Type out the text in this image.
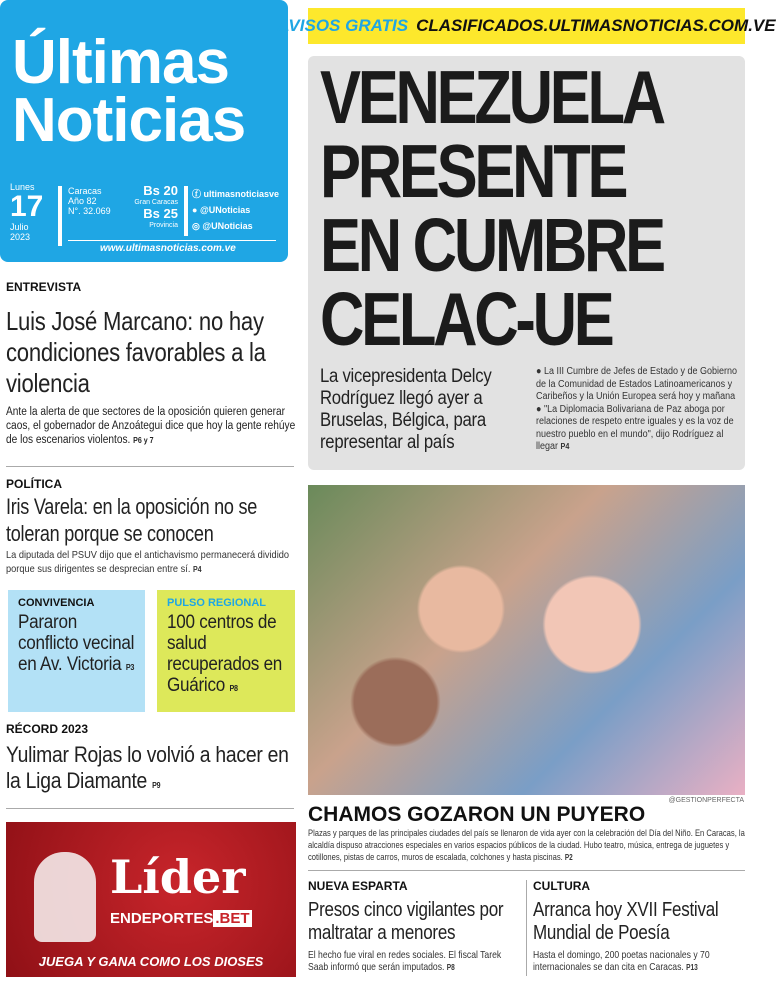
Últimas
Noticias
Lunes
17
Julio
2023
Caracas
Año 82
N°. 32.069
Bs 20
Gran Caracas
Bs 25
Provincia
ⓕ ultimasnoticiasve
● @UNoticias
◎ @UNoticias
www.ultimasnoticias.com.ve
AVISOS GRATIS CLASIFICADOS.ULTIMASNOTICIAS.COM.VE
VENEZUELA
PRESENTE
EN CUMBRE
CELAC-UE
La vicepresidenta Delcy Rodríguez llegó ayer a Bruselas, Bélgica, para representar al país
● La III Cumbre de Jefes de Estado y de Gobierno de la Comunidad de Estados Latinoamericanos y Caribeños y la Unión Europea será hoy y mañana ● "La Diplomacia Bolivariana de Paz aboga por relaciones de respeto entre iguales y es la voz de nuestro pueblo en el mundo", dijo Rodríguez al llegar P4
@GESTIONPERFECTA
CHAMOS GOZARON UN PUYERO
Plazas y parques de las principales ciudades del país se llenaron de vida ayer con la celebración del Día del Niño. En Caracas, la alcaldía dispuso atracciones especiales en varios espacios públicos de la ciudad. Hubo teatro, música, entrega de juguetes y cotillones, pistas de carros, muros de escalada, colchones y hasta piscinas. P2
NUEVA ESPARTA
Presos cinco vigilantes por maltratar a menores
El hecho fue viral en redes sociales. El fiscal Tarek Saab informó que serán imputados. P8
CULTURA
Arranca hoy XVII Festival Mundial de Poesía
Hasta el domingo, 200 poetas nacionales y 70 internacionales se dan cita en Caracas. P13
ENTREVISTA
Luis José Marcano: no hay condiciones favorables a la violencia
Ante la alerta de que sectores de la oposición quieren generar caos, el gobernador de Anzoátegui dice que hoy la gente rehúye de los escenarios violentos. P6 y 7
POLÍTICA
Iris Varela: en la oposición no se toleran porque se conocen
La diputada del PSUV dijo que el antichavismo permanecerá dividido porque sus dirigentes se desprecian entre sí. P4
CONVIVENCIA
Pararon conflicto vecinal en Av. Victoria P3
PULSO REGIONAL
100 centros de salud recuperados en Guárico P8
RÉCORD 2023
Yulimar Rojas lo volvió a hacer en la Liga Diamante P9
Líder
ENDEPORTES .BET
JUEGA Y GANA COMO LOS DIOSES
